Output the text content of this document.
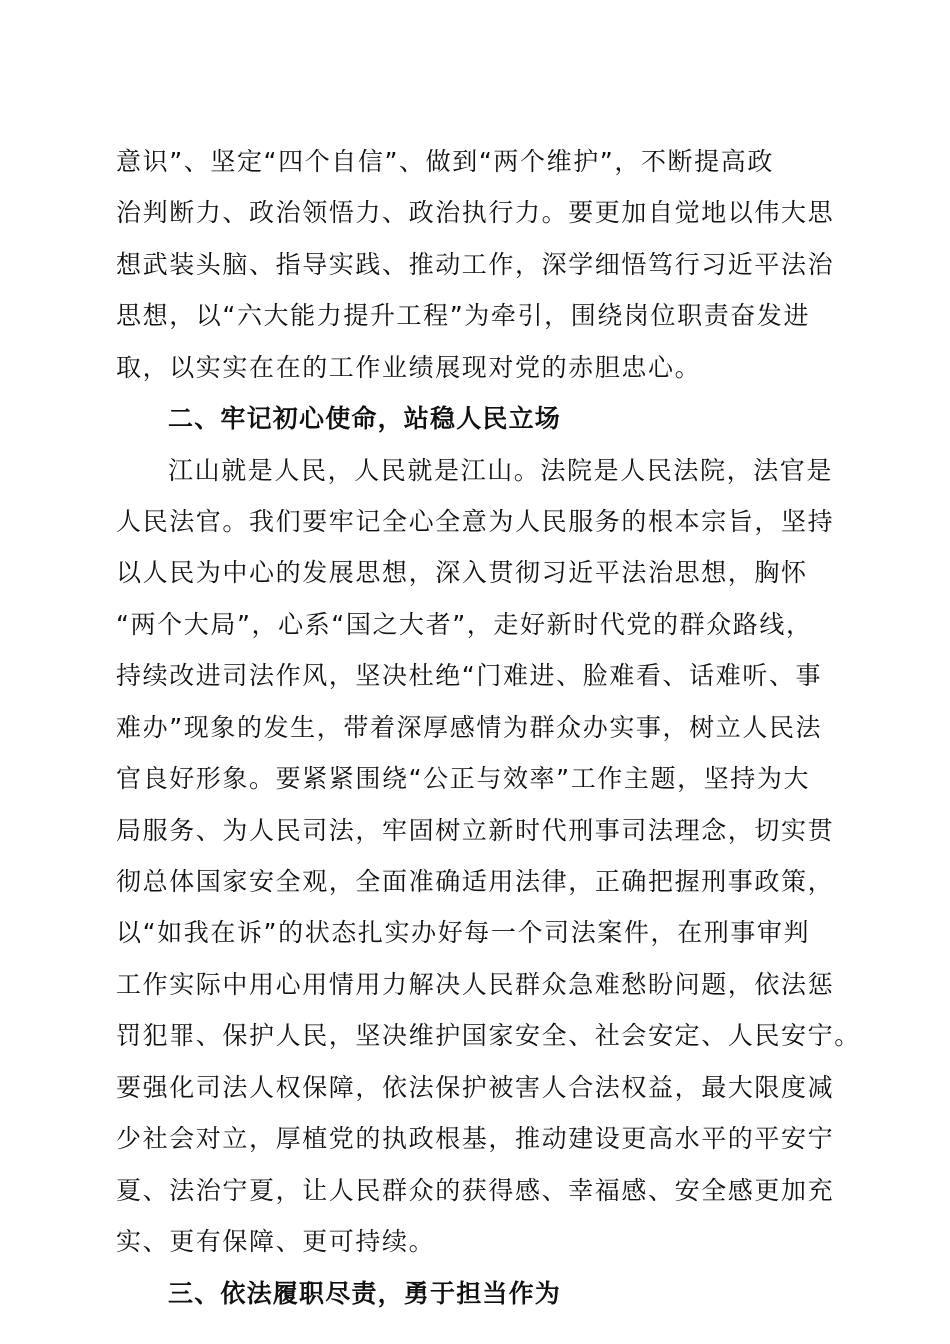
意识”、坚定“四个自信”、做到“两个维护”，不断提高政
治判断力、政治领悟力、政治执行力。要更加自觉地以伟大思
想武装头脑、指导实践、推动工作，深学细悟笃行习近平法治
思想，以“六大能力提升工程”为牵引，围绕岗位职责奋发进
取，以实实在在的工作业绩展现对党的赤胆忠心。
二、牢记初心使命，站稳人民立场
江山就是人民，人民就是江山。法院是人民法院，法官是
人民法官。我们要牢记全心全意为人民服务的根本宗旨，坚持
以人民为中心的发展思想，深入贯彻习近平法治思想，胸怀
“两个大局”，心系“国之大者”，走好新时代党的群众路线，
持续改进司法作风，坚决杜绝“门难进、脸难看、话难听、事
难办”现象的发生，带着深厚感情为群众办实事，树立人民法
官良好形象。要紧紧围绕“公正与效率”工作主题，坚持为大
局服务、为人民司法，牢固树立新时代刑事司法理念，切实贯
彻总体国家安全观，全面准确适用法律，正确把握刑事政策，
以“如我在诉”的状态扎实办好每一个司法案件，在刑事审判
工作实际中用心用情用力解决人民群众急难愁盼问题，依法惩
罚犯罪、保护人民，坚决维护国家安全、社会安定、人民安宁。
要强化司法人权保障，依法保护被害人合法权益，最大限度减
少社会对立，厚植党的执政根基，推动建设更高水平的平安宁
夏、法治宁夏，让人民群众的获得感、幸福感、安全感更加充
实、更有保障、更可持续。
三、依法履职尽责，勇于担当作为
